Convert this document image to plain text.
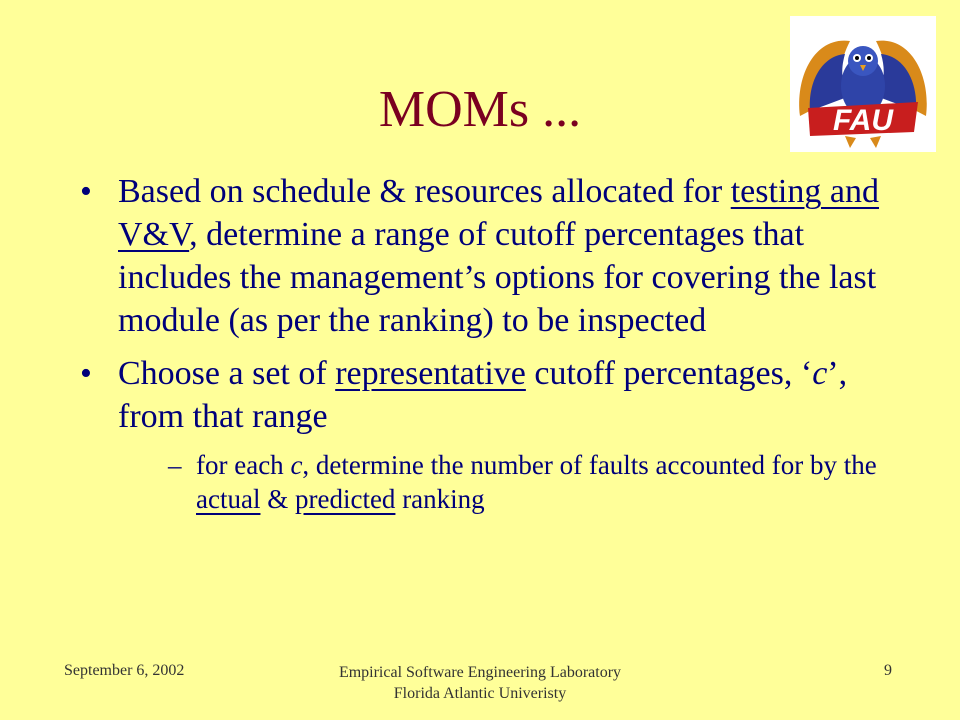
MOMs ...	FAU
• Based on schedule & resources allocated for testing and V&V, determine a range of cutoff percentages that includes the management’s options for covering the last module (as per the ranking) to be inspected
• Choose a set of representative cutoff percentages, ‘c’, from that range
– for each c, determine the number of faults accounted for by the actual & predicted ranking
September 6, 2002	Empirical Software Engineering Laboratory
Florida Atlantic Univeristy
9
